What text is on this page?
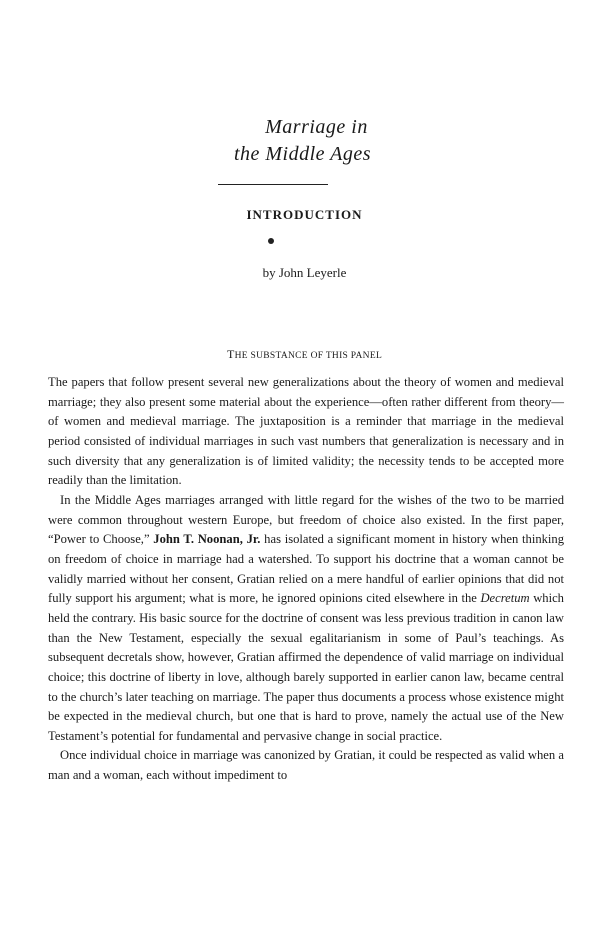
Marriage in
the Middle Ages
INTRODUCTION
by John Leyerle
THE SUBSTANCE OF THIS PANEL

The papers that follow present several new generalizations about the theory of women and medieval marriage; they also present some material about the experience—often rather different from theory—of women and medieval marriage. The juxtaposition is a reminder that marriage in the medieval period consisted of individual marriages in such vast numbers that generalization is necessary and in such diversity that any generalization is of limited validity; the necessity tends to be accepted more readily than the limitation.

In the Middle Ages marriages arranged with little regard for the wishes of the two to be married were common throughout western Europe, but freedom of choice also existed. In the first paper, “Power to Choose,” John T. Noonan, Jr. has isolated a significant moment in history when thinking on freedom of choice in marriage had a watershed. To support his doctrine that a woman cannot be validly married without her consent, Gratian relied on a mere handful of earlier opinions that did not fully support his argument; what is more, he ignored opinions cited elsewhere in the Decretum which held the contrary. His basic source for the doctrine of consent was less previous tradition in canon law than the New Testament, especially the sexual egalitarianism in some of Paul’s teachings. As subsequent decretals show, however, Gratian affirmed the dependence of valid marriage on individual choice; this doctrine of liberty in love, although barely supported in earlier canon law, became central to the church’s later teaching on marriage. The paper thus documents a process whose existence might be expected in the medieval church, but one that is hard to prove, namely the actual use of the New Testament’s potential for fundamental and pervasive change in social practice.

Once individual choice in marriage was canonized by Gratian, it could be respected as valid when a man and a woman, each without impediment to
